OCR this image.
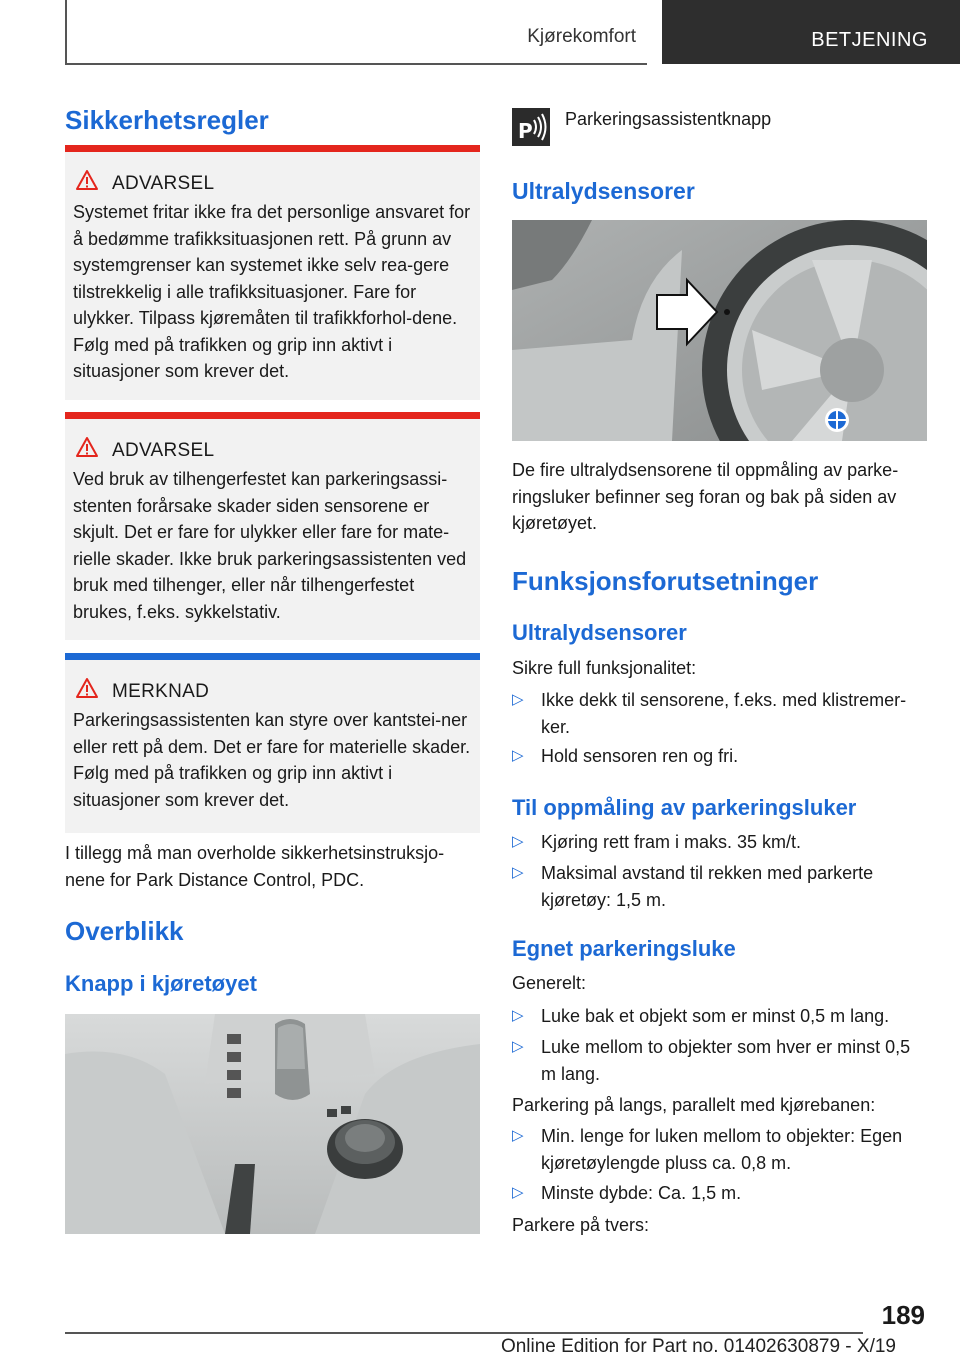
Kjørekomfort	BETJENING
Sikkerhetsregler
ADVARSEL
Systemet fritar ikke fra det personlige ansvaret for å bedømme trafikksituasjonen rett. På grunn av systemgrenser kan systemet ikke selv rea-gere tilstrekkelig i alle trafikksituasjoner. Fare for ulykker. Tilpass kjøremåten til trafikkforhol-dene. Følg med på trafikken og grip inn aktivt i situasjoner som krever det.
ADVARSEL
Ved bruk av tilhengerfestet kan parkeringsassi-stenten forårsake skader siden sensorene er skjult. Det er fare for ulykker eller fare for mate-rielle skader. Ikke bruk parkeringsassistenten ved bruk med tilhenger, eller når tilhengerfestet brukes, f.eks. sykkelstativ.
MERKNAD
Parkeringsassistenten kan styre over kantstei-ner eller rett på dem. Det er fare for materielle skader. Følg med på trafikken og grip inn aktivt i situasjoner som krever det.
I tillegg må man overholde sikkerhetsinstruksjo-nene for Park Distance Control, PDC.
Overblikk
Knapp i kjøretøyet
P Parkeringsassistentknapp
Ultralydsensorer
De fire ultralydsensorene til oppmåling av parke-ringsluker befinner seg foran og bak på siden av kjøretøyet.
Funksjonsforutsetninger
Ultralydsensorer
Sikre full funksjonalitet:
▷ Ikke dekk til sensorene, f.eks. med klistremer-ker.
▷ Hold sensoren ren og fri.
Til oppmåling av parkeringsluker
▷ Kjøring rett fram i maks. 35 km/t.
▷ Maksimal avstand til rekken med parkerte kjøretøy: 1,5 m.
Egnet parkeringsluke
Generelt:
▷ Luke bak et objekt som er minst 0,5 m lang.
▷ Luke mellom to objekter som hver er minst 0,5 m lang.
Parkering på langs, parallelt med kjørebanen:
▷ Min. lenge for luken mellom to objekter: Egen kjøretøylengde pluss ca. 0,8 m.
▷ Minste dybde: Ca. 1,5 m.
Parkere på tvers:
189
Online Edition for Part no. 01402630879 - X/19
